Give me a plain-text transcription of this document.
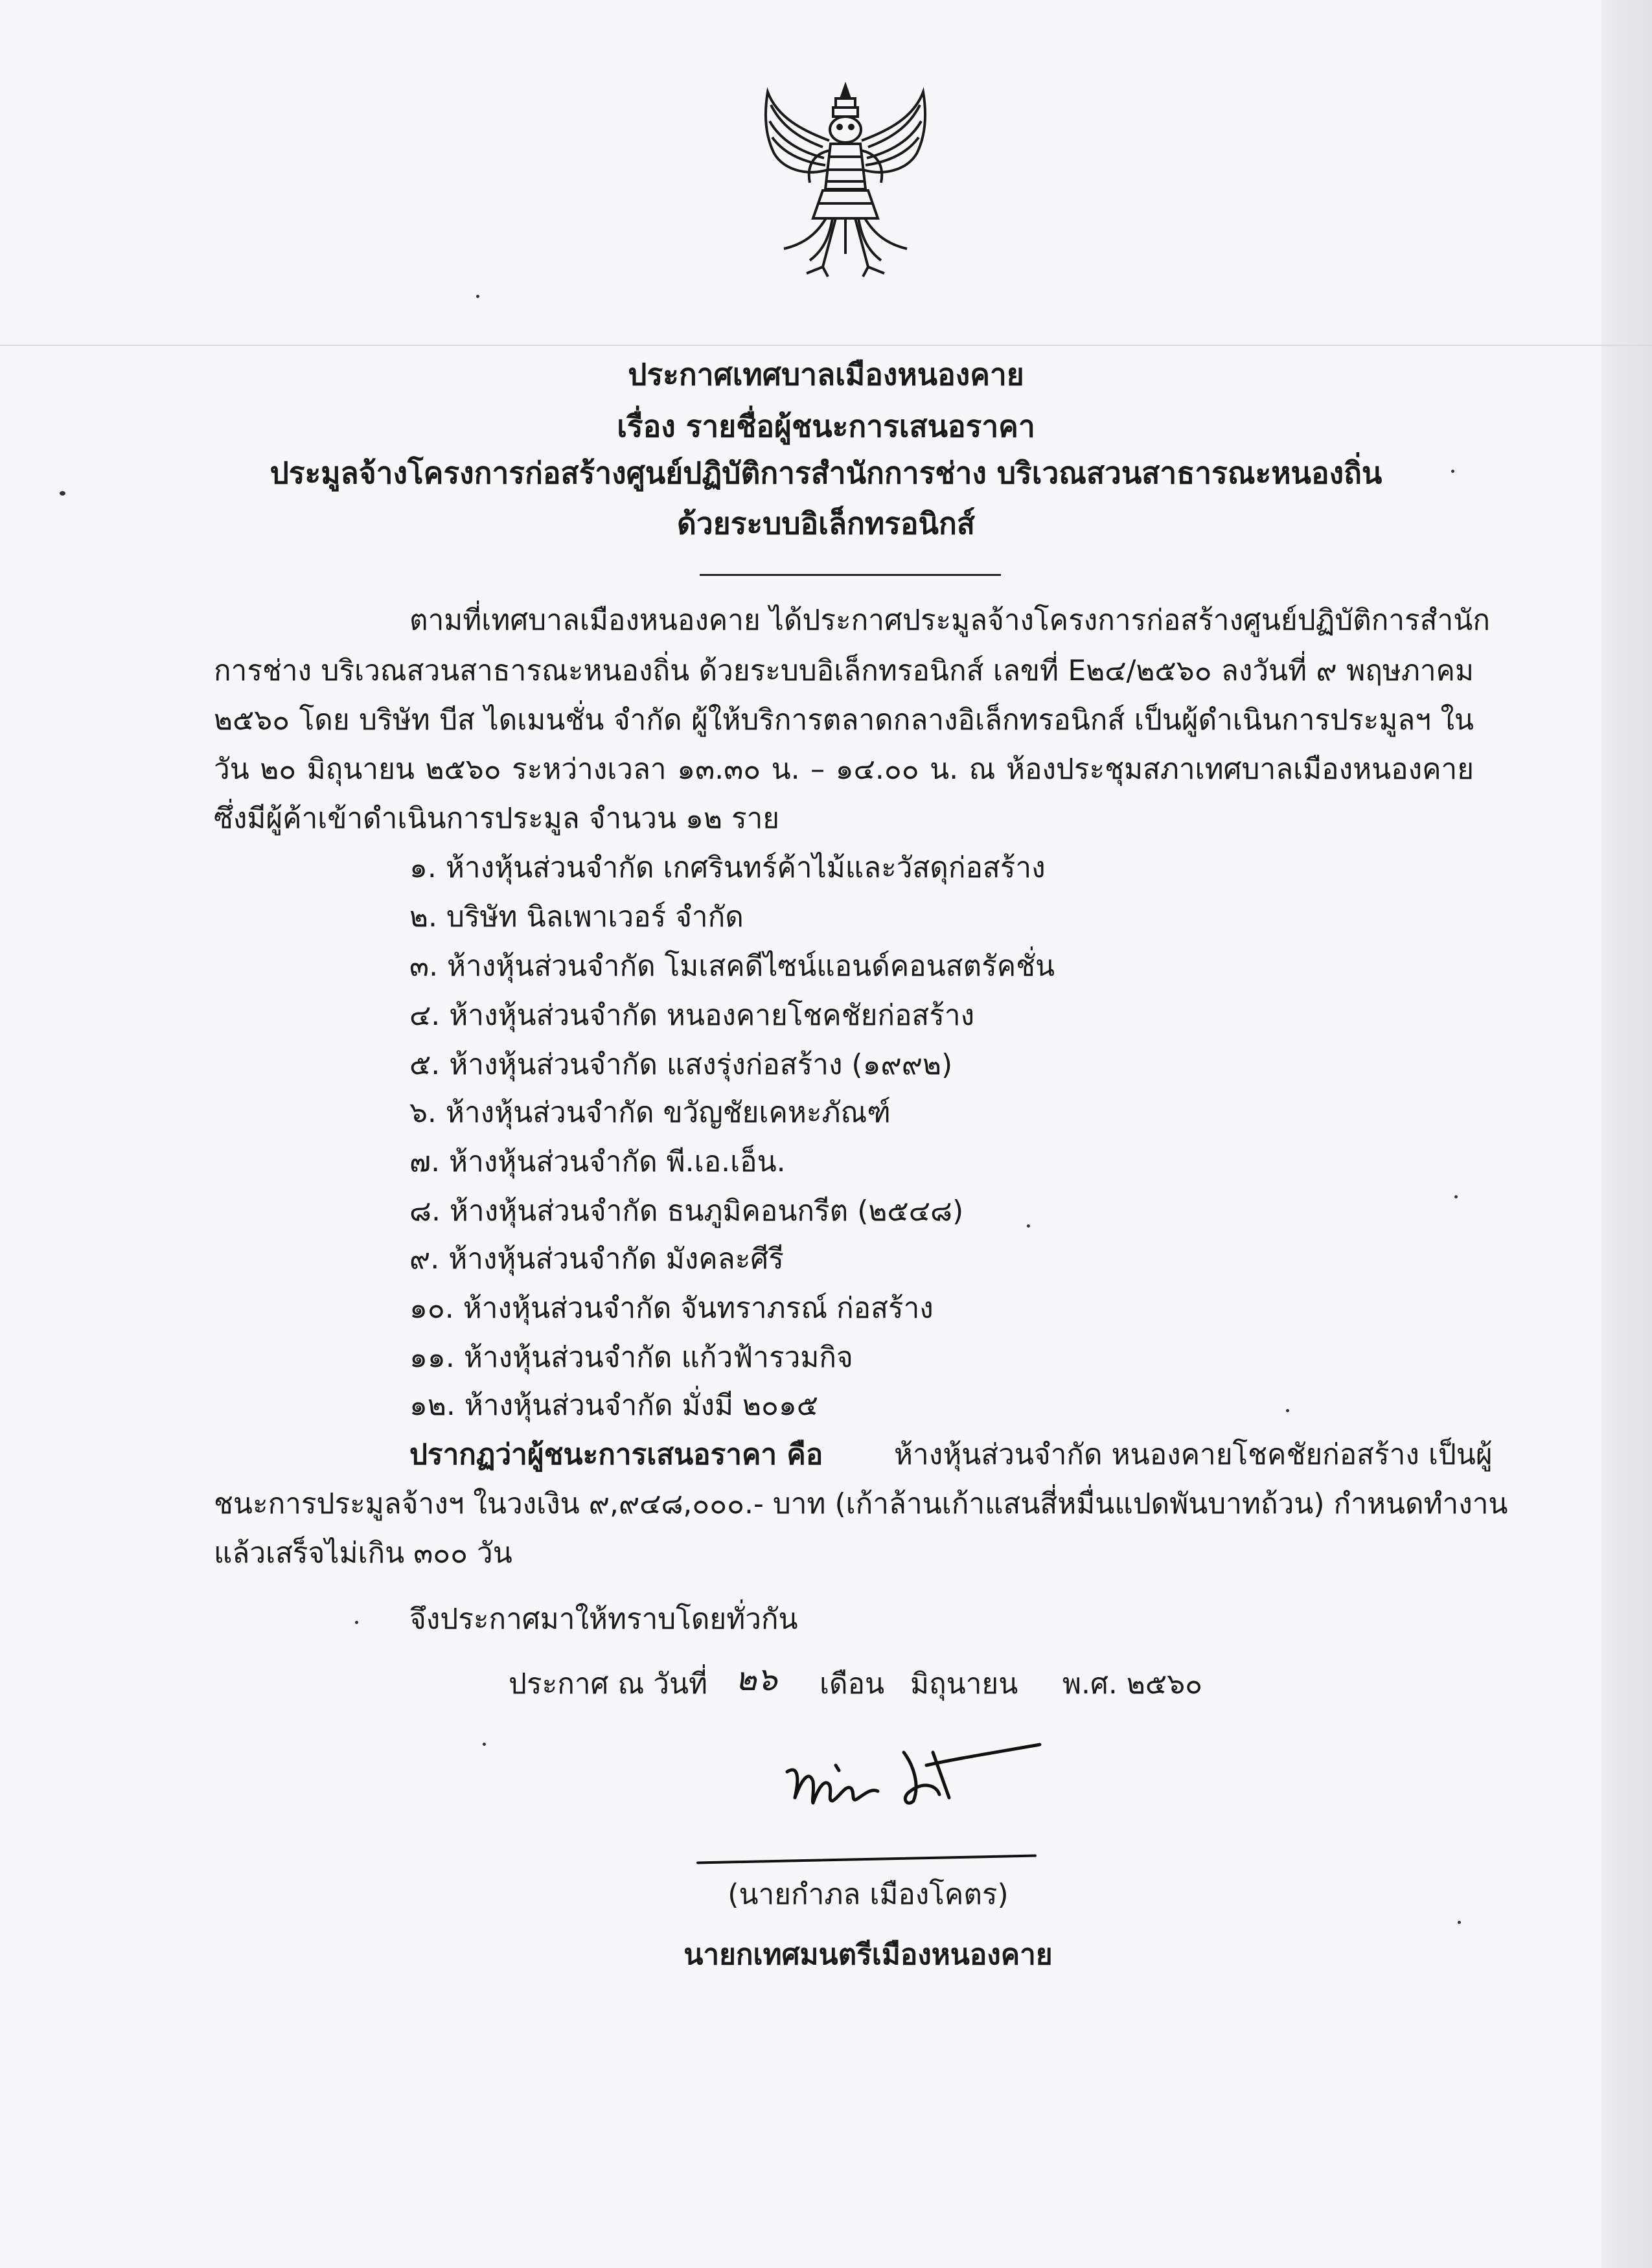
ประกาศเทศบาลเมืองหนองคาย
เรื่อง รายชื่อผู้ชนะการเสนอราคา
ประมูลจ้างโครงการก่อสร้างศูนย์ปฏิบัติการสำนักการช่าง บริเวณสวนสาธารณะหนองถิ่น
ด้วยระบบอิเล็กทรอนิกส์
ตามที่เทศบาลเมืองหนองคาย ได้ประกาศประมูลจ้างโครงการก่อสร้างศูนย์ปฏิบัติการสำนัก
การช่าง บริเวณสวนสาธารณะหนองถิ่น ด้วยระบบอิเล็กทรอนิกส์ เลขที่ E๒๔/๒๕๖๐ ลงวันที่ ๙ พฤษภาคม
๒๕๖๐ โดย บริษัท บีส ไดเมนชั่น จำกัด ผู้ให้บริการตลาดกลางอิเล็กทรอนิกส์ เป็นผู้ดำเนินการประมูลฯ ใน
วัน ๒๐ มิถุนายน ๒๕๖๐ ระหว่างเวลา ๑๓.๓๐ น. – ๑๔.๐๐ น. ณ ห้องประชุมสภาเทศบาลเมืองหนองคาย
ซึ่งมีผู้ค้าเข้าดำเนินการประมูล จำนวน ๑๒ ราย
๑. ห้างหุ้นส่วนจำกัด เกศรินทร์ค้าไม้และวัสดุก่อสร้าง
๒. บริษัท นิลเพาเวอร์ จำกัด
๓. ห้างหุ้นส่วนจำกัด โมเสคดีไซน์แอนด์คอนสตรัคชั่น
๔. ห้างหุ้นส่วนจำกัด หนองคายโชคชัยก่อสร้าง
๕. ห้างหุ้นส่วนจำกัด แสงรุ่งก่อสร้าง (๑๙๙๒)
๖. ห้างหุ้นส่วนจำกัด ขวัญชัยเคหะภัณฑ์
๗. ห้างหุ้นส่วนจำกัด พี.เอ.เอ็น.
๘. ห้างหุ้นส่วนจำกัด ธนภูมิคอนกรีต (๒๕๔๘)
๙. ห้างหุ้นส่วนจำกัด มังคละศีรี
๑๐. ห้างหุ้นส่วนจำกัด จันทราภรณ์ ก่อสร้าง
๑๑. ห้างหุ้นส่วนจำกัด แก้วฟ้ารวมกิจ
๑๒. ห้างหุ้นส่วนจำกัด มั่งมี ๒๐๑๕
ปรากฏว่าผู้ชนะการเสนอราคา คือ ห้างหุ้นส่วนจำกัด หนองคายโชคชัยก่อสร้าง เป็นผู้
ชนะการประมูลจ้างฯ ในวงเงิน ๙,๙๔๘,๐๐๐.- บาท (เก้าล้านเก้าแสนสี่หมื่นแปดพันบาทถ้วน) กำหนดทำงาน
แล้วเสร็จไม่เกิน ๓๐๐ วัน
จึงประกาศมาให้ทราบโดยทั่วกัน
ประกาศ ณ วันที่ ๒๖ เดือน มิถุนายน พ.ศ. ๒๕๖๐
(นายกำภล เมืองโคตร)
นายกเทศมนตรีเมืองหนองคาย
